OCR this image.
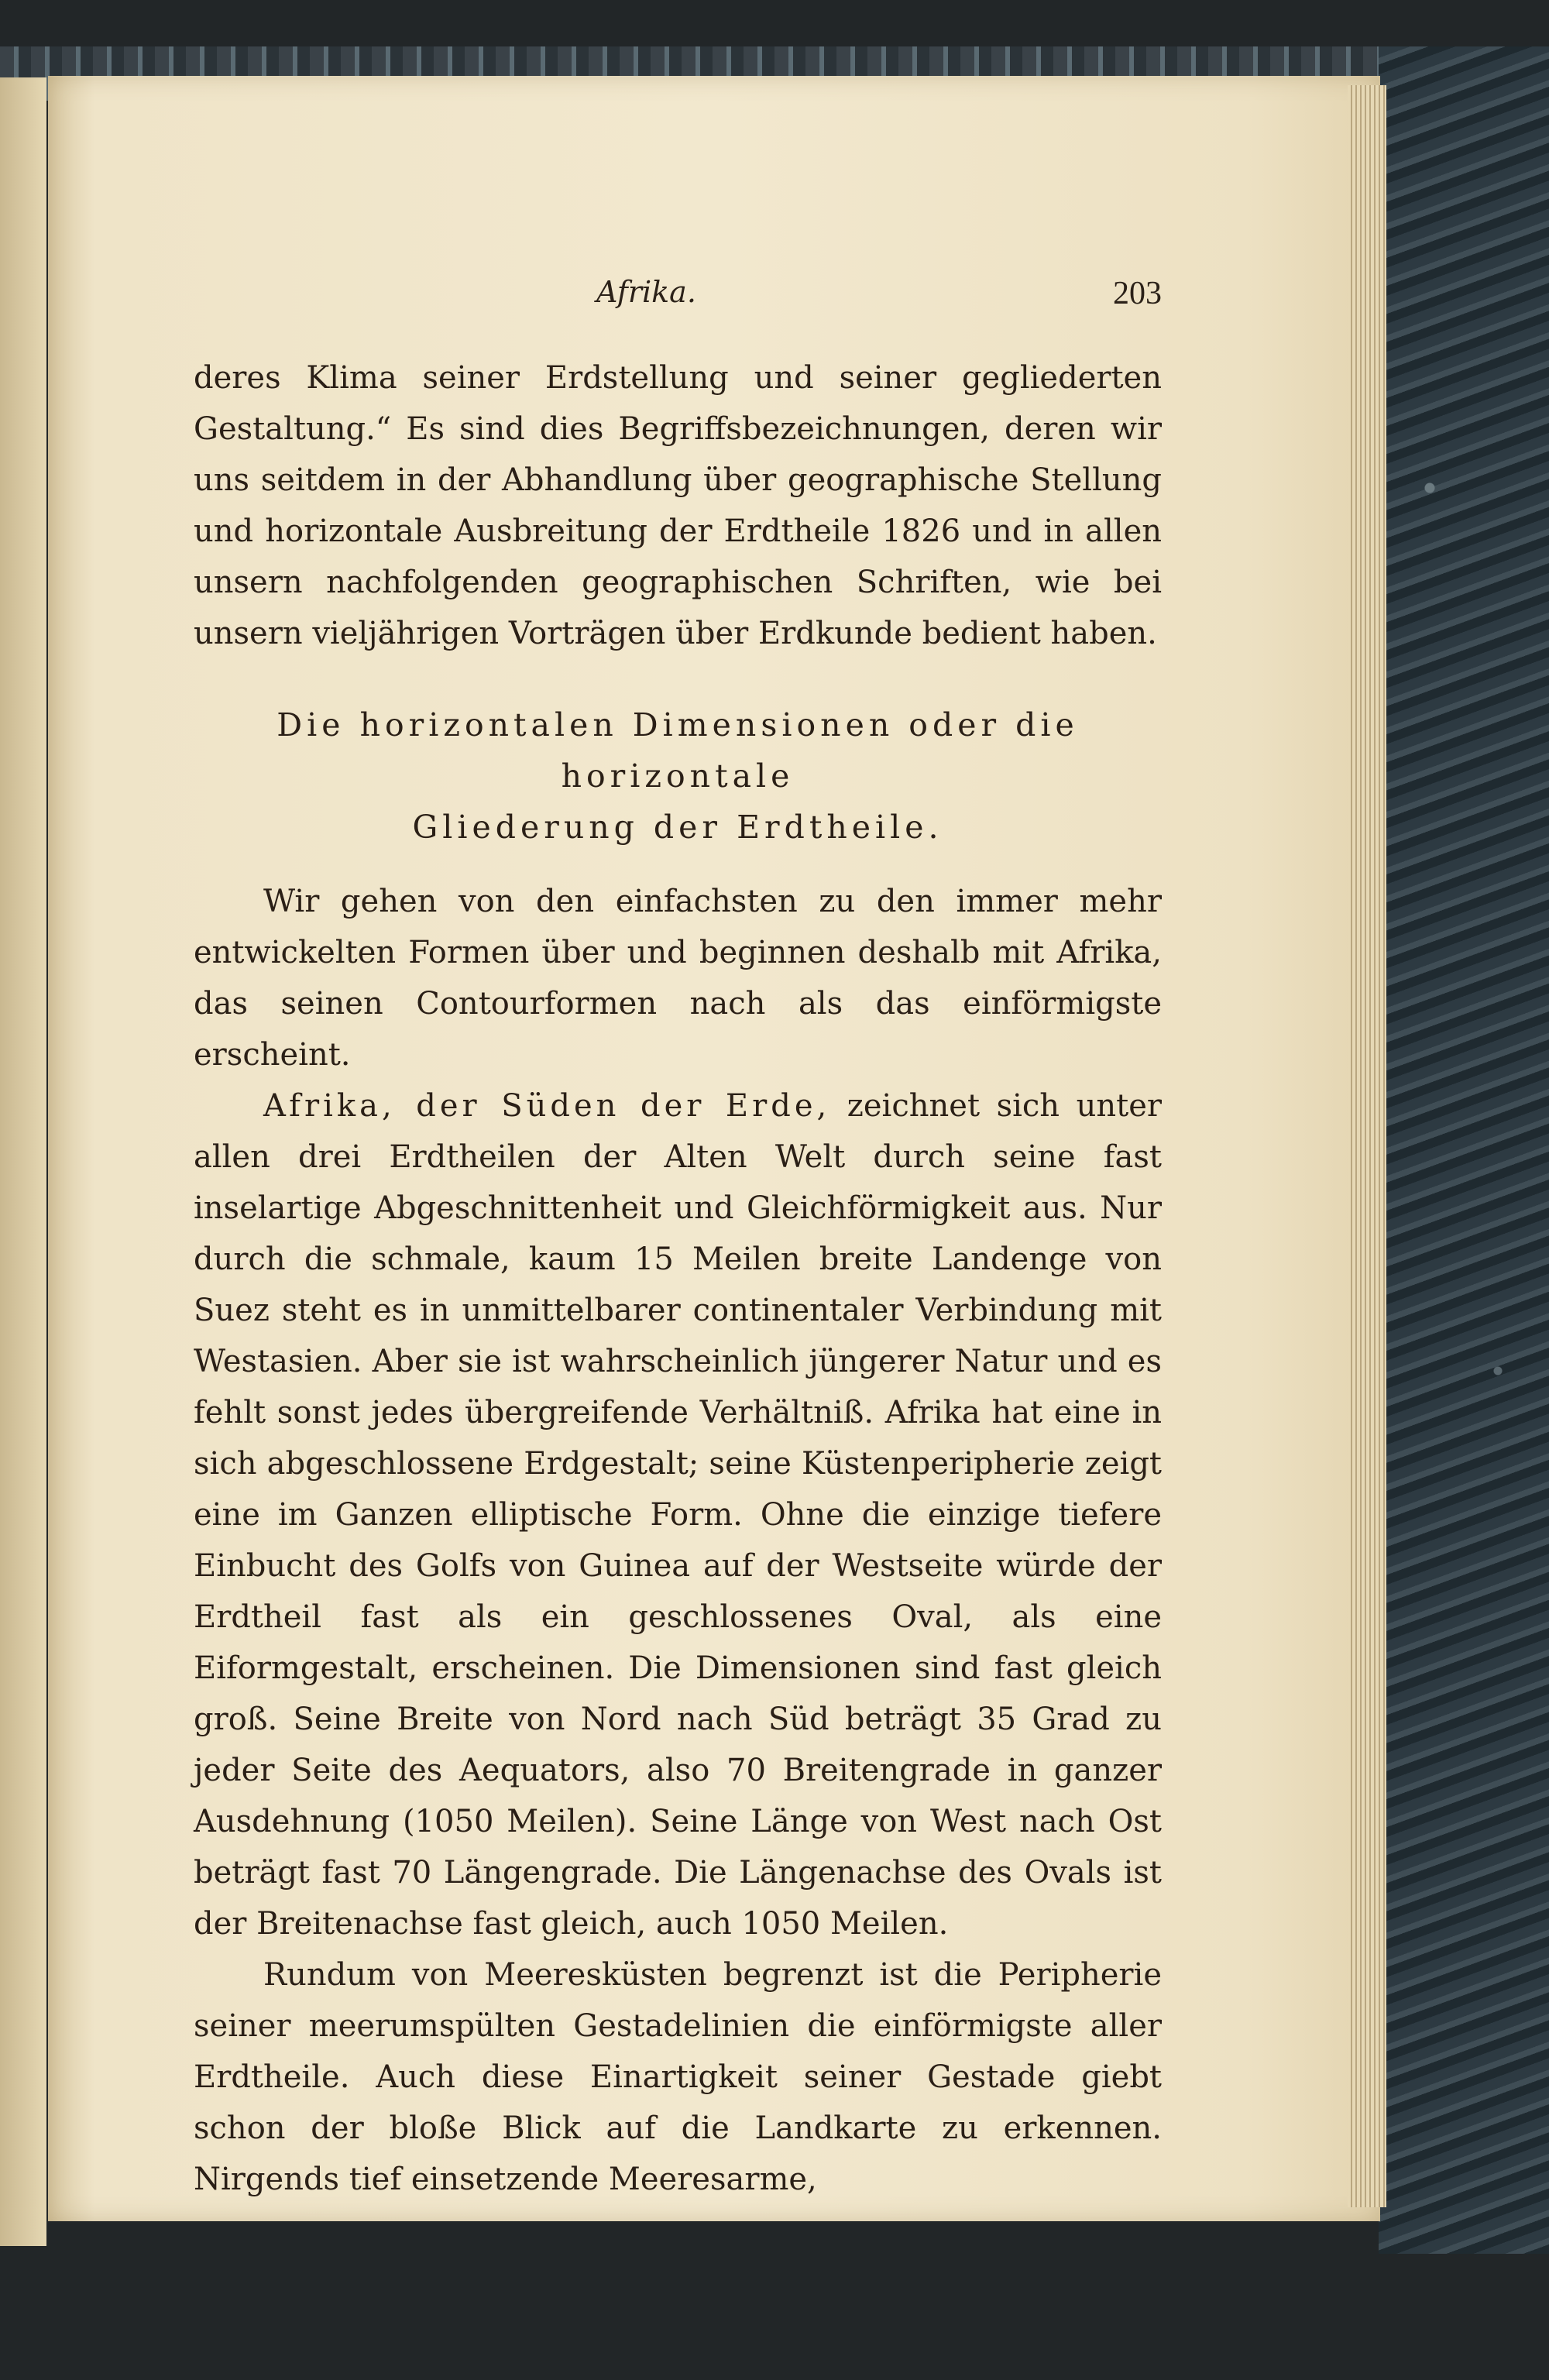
Afrika.	203

deres Klima seiner Erdstellung und seiner gegliederten Gestaltung.“ Es sind dies Begriffsbezeichnungen, deren wir uns seitdem in der Abhandlung über geographische Stellung und horizontale Ausbreitung der Erdtheile 1826 und in allen unsern nachfolgenden geographischen Schriften, wie bei unsern vieljährigen Vorträgen über Erdkunde bedient haben.

Die horizontalen Dimensionen oder die horizontale
Gliederung der Erdtheile.

Wir gehen von den einfachsten zu den immer mehr entwickelten Formen über und beginnen deshalb mit Afrika, das seinen Contourformen nach als das einförmigste erscheint.

Afrika, der Süden der Erde, zeichnet sich unter allen drei Erdtheilen der Alten Welt durch seine fast inselartige Abgeschnittenheit und Gleichförmigkeit aus. Nur durch die schmale, kaum 15 Meilen breite Landenge von Suez steht es in unmittelbarer continentaler Verbindung mit Westasien. Aber sie ist wahrscheinlich jüngerer Natur und es fehlt sonst jedes übergreifende Verhältniß. Afrika hat eine in sich abgeschlossene Erdgestalt; seine Küstenperipherie zeigt eine im Ganzen elliptische Form. Ohne die einzige tiefere Einbucht des Golfs von Guinea auf der Westseite würde der Erdtheil fast als ein geschlossenes Oval, als eine Eiformgestalt, erscheinen. Die Dimensionen sind fast gleich groß. Seine Breite von Nord nach Süd beträgt 35 Grad zu jeder Seite des Aequators, also 70 Breitengrade in ganzer Ausdehnung (1050 Meilen). Seine Länge von West nach Ost beträgt fast 70 Längengrade. Die Längenachse des Ovals ist der Breitenachse fast gleich, auch 1050 Meilen.

Rundum von Meeresküsten begrenzt ist die Peripherie seiner meerumspülten Gestadelinien die einförmigste aller Erdtheile. Auch diese Einartigkeit seiner Gestade giebt schon der bloße Blick auf die Landkarte zu erkennen. Nirgends tief einsetzende Meeresarme,
